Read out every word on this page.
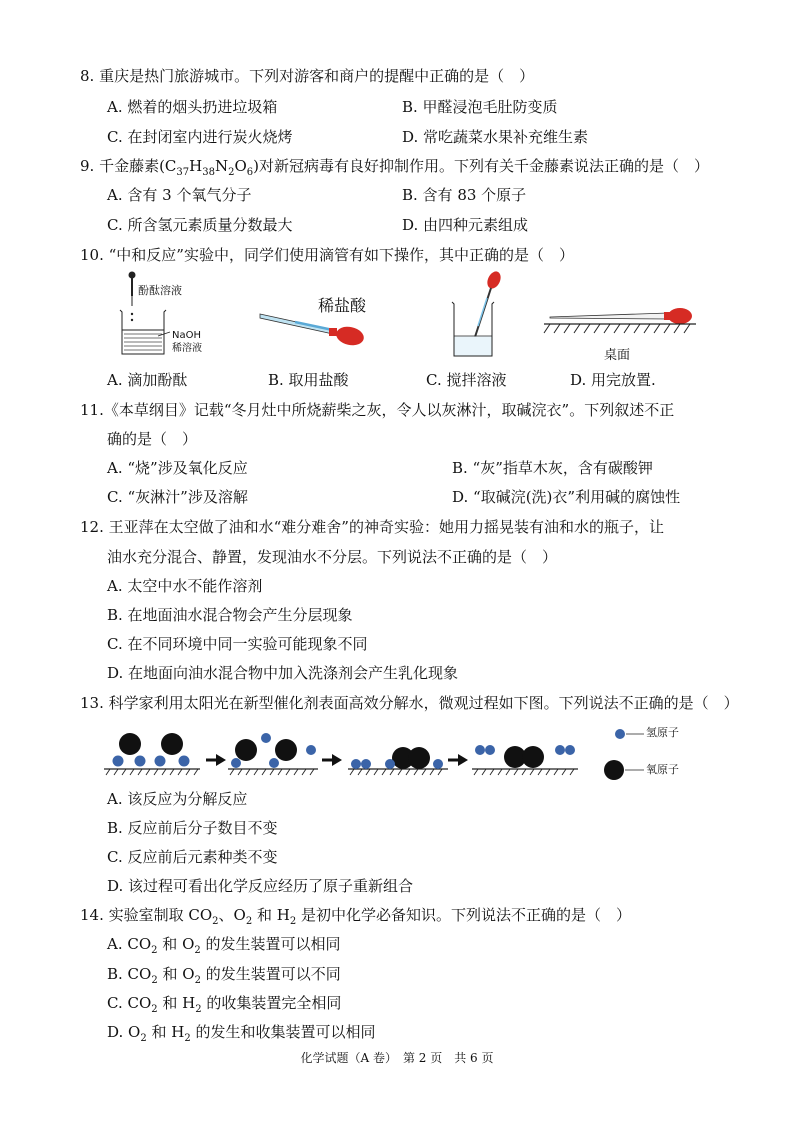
8. 重庆是热门旅游城市。下列对游客和商户的提醒中正确的是（　）
A. 燃着的烟头扔进垃圾箱	B. 甲醛浸泡毛肚防变质
C. 在封闭室内进行炭火烧烤	D. 常吃蔬菜水果补充维生素
9. 千金藤素$(C_{37}H_{38}N_2O_6)$对新冠病毒有良好抑制作用。下列有关千金藤素说法正确的是（　）
A. 含有 3 个氧气分子	B. 含有 83 个原子
C. 所含氢元素质量分数最大	D. 由四种元素组成
10. “中和反应”实验中，同学们使用滴管有如下操作，其中正确的是（　）
酚酞溶液
NaOH
稀溶液
稀盐酸
桌面
A. 滴加酚酞	B. 取用盐酸	C. 搅拌溶液	D. 用完放置.
11.《本草纲目》记载“冬月灶中所烧薪柴之灰，令人以灰淋汁，取碱浣衣”。下列叙述不正
确的是（　）
A. “烧”涉及氧化反应	B. “灰”指草木灰，含有碳酸钾
C. “灰淋汁”涉及溶解	D. “取碱浣(洗)衣”利用碱的腐蚀性
12. 王亚萍在太空做了油和水“难分难舍”的神奇实验：她用力摇晃装有油和水的瓶子，让
油水充分混合、静置，发现油水不分层。下列说法不正确的是（　）
A. 太空中水不能作溶剂
B. 在地面油水混合物会产生分层现象
C. 在不同环境中同一实验可能现象不同
D. 在地面向油水混合物中加入洗涤剂会产生乳化现象
13. 科学家利用太阳光在新型催化剂表面高效分解水，微观过程如下图。下列说法不正确的是（　）
氢原子
氧原子
A. 该反应为分解反应
B. 反应前后分子数目不变
C. 反应前后元素种类不变
D. 该过程可看出化学反应经历了原子重新组合
14. 实验室制取 $CO_2$、$O_2$ 和 $H_2$ 是初中化学必备知识。下列说法不正确的是（　）
A. $CO_2$ 和 $O_2$ 的发生装置可以相同
B. $CO_2$ 和 $O_2$ 的发生装置可以不同
C. $CO_2$ 和 $H_2$ 的收集装置完全相同
D. $O_2$ 和 $H_2$ 的发生和收集装置可以相同
化学试题（A 卷）　第 2 页　共 6 页
